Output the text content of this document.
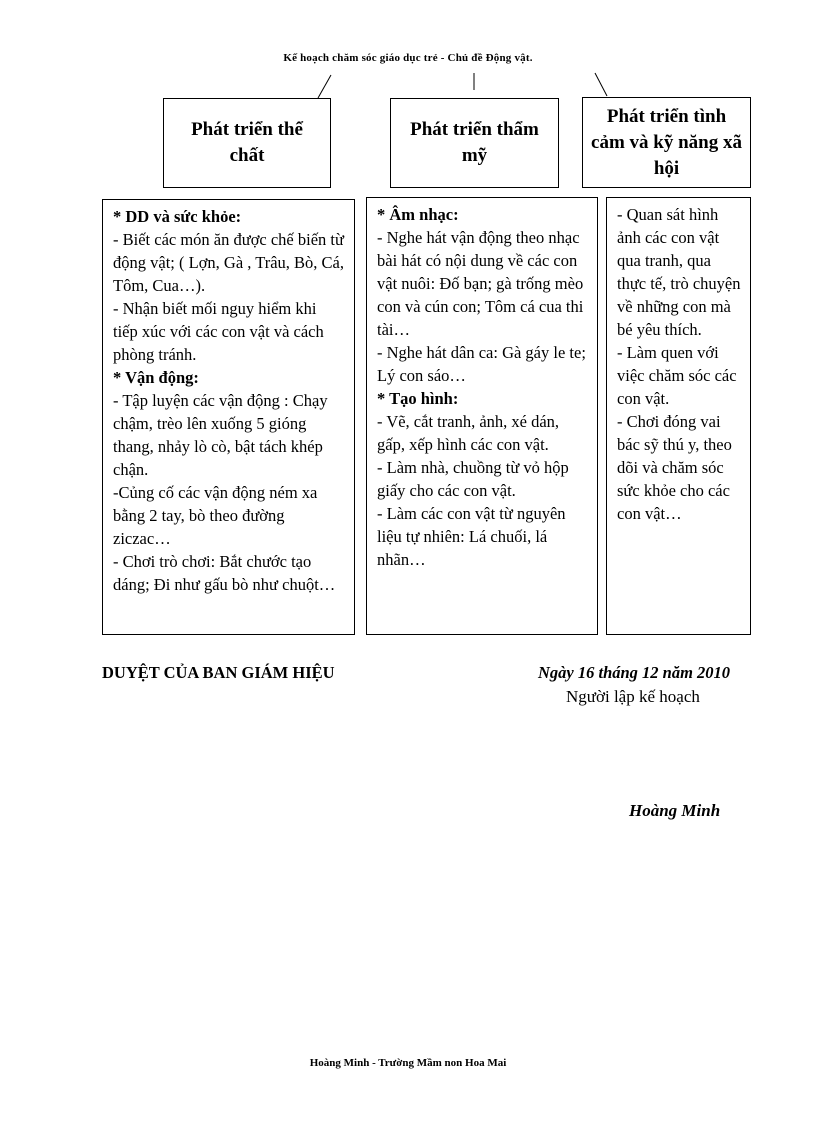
Kế hoạch chăm sóc giáo dục trẻ - Chủ đề Động vật.
Phát triển thể chất
Phát triển thẩm mỹ
Phát triển tình cảm và kỹ năng xã hội

* DD và sức khỏe:

- Biết các món ăn được chế biến từ động vật; ( Lợn, Gà , Trâu, Bò, Cá, Tôm, Cua…).

- Nhận biết mối nguy hiểm khi tiếp xúc với các con vật và cách phòng tránh.

* Vận động:

- Tập luyện các vận động : Chạy chậm, trèo lên xuống 5 gióng thang, nhảy lò cò, bật tách khép chận.

-Củng cố các vận động ném xa bằng 2 tay, bò theo đường ziczac…

- Chơi trò chơi: Bắt chước tạo dáng; Đi như gấu bò như chuột…

* Âm nhạc:

- Nghe hát vận động theo nhạc bài hát có nội dung về các con vật nuôi: Đố bạn; gà trống mèo con và cún con; Tôm cá cua thi tài…

- Nghe hát dân ca: Gà gáy le te; Lý con sáo…

* Tạo hình:

- Vẽ, cắt tranh, ảnh, xé dán, gấp, xếp hình các con vật.

- Làm nhà, chuồng từ vỏ hộp giấy cho các con vật.

- Làm các con vật từ nguyên liệu tự nhiên: Lá chuối, lá nhãn…

- Quan sát hình ảnh các con vật qua tranh, qua thực tế, trò chuyện về những con mà bé yêu thích.

- Làm quen với việc chăm sóc các con vật.

- Chơi đóng vai bác sỹ thú y, theo dõi và chăm sóc sức khỏe cho các con vật…

DUYỆT CỦA BAN GIÁM HIỆU	Ngày 16 tháng 12 năm 2010
Người lập kế hoạch
Hoàng Minh
Hoàng Minh - Trường Mầm non Hoa Mai
